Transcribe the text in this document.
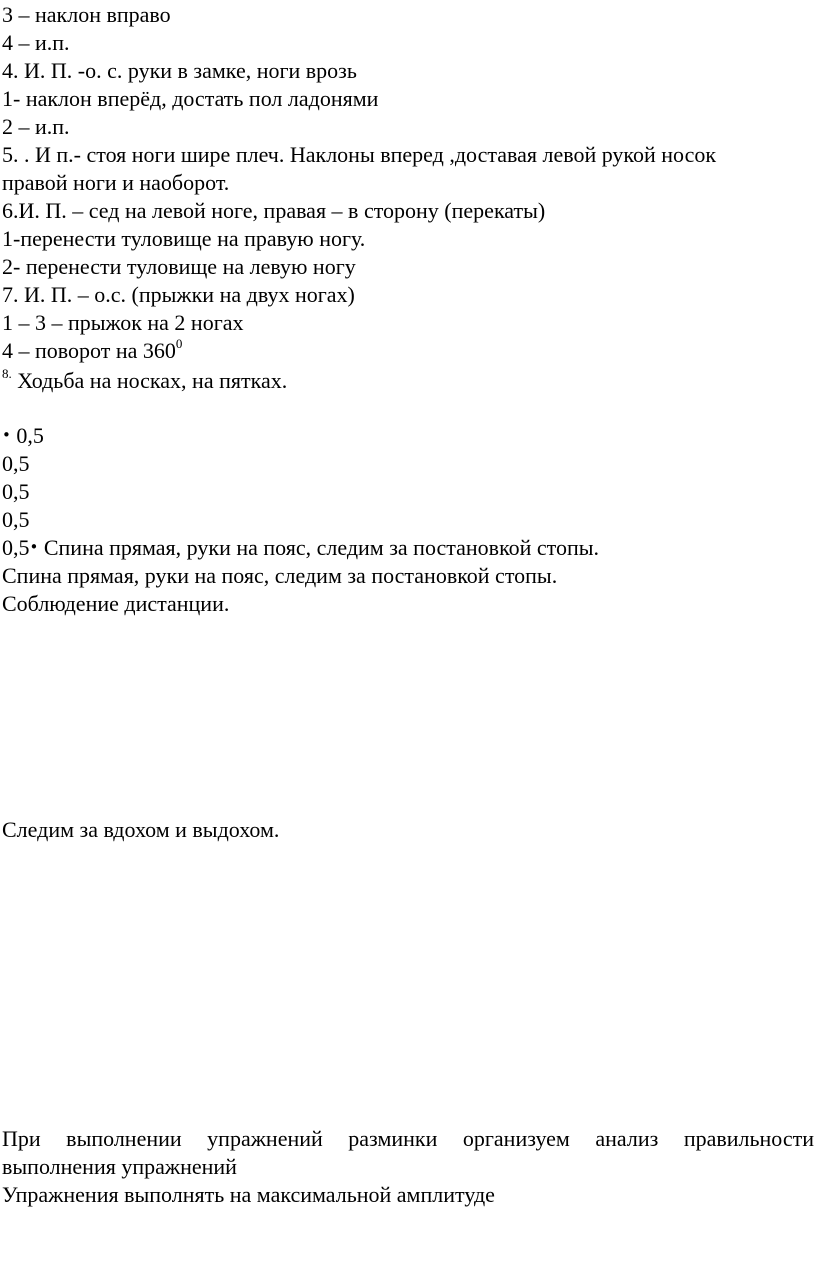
3 – наклон вправо
4 – и.п.
4. И. П. -о. с. руки в замке, ноги врозь
1- наклон вперёд, достать пол ладонями
2 – и.п.
5. . И п.- стоя ноги шире плеч. Наклоны вперед ,доставая левой рукой носок
правой ноги и наоборот.
6.И. П. – сед на левой ноге, правая – в сторону (перекаты)
1-перенести туловище на правую ногу.
2- перенести туловище на левую ногу
7. И. П. – о.с. (прыжки на двух ногах)
1 – 3 – прыжок на 2 ногах
4 – поворот на $360^0$
$^{8.}$ Ходьба на носках, на пятках.
• 0,5
0,5
0,5
0,5
0,5• Спина прямая, руки на пояс, следим за постановкой стопы.
Спина прямая, руки на пояс, следим за постановкой стопы.
Соблюдение дистанции.
Следим за вдохом и выдохом.
При выполнении упражнений разминки организуем анализ правильности
выполнения упражнений
Упражнения выполнять на максимальной амплитуде
